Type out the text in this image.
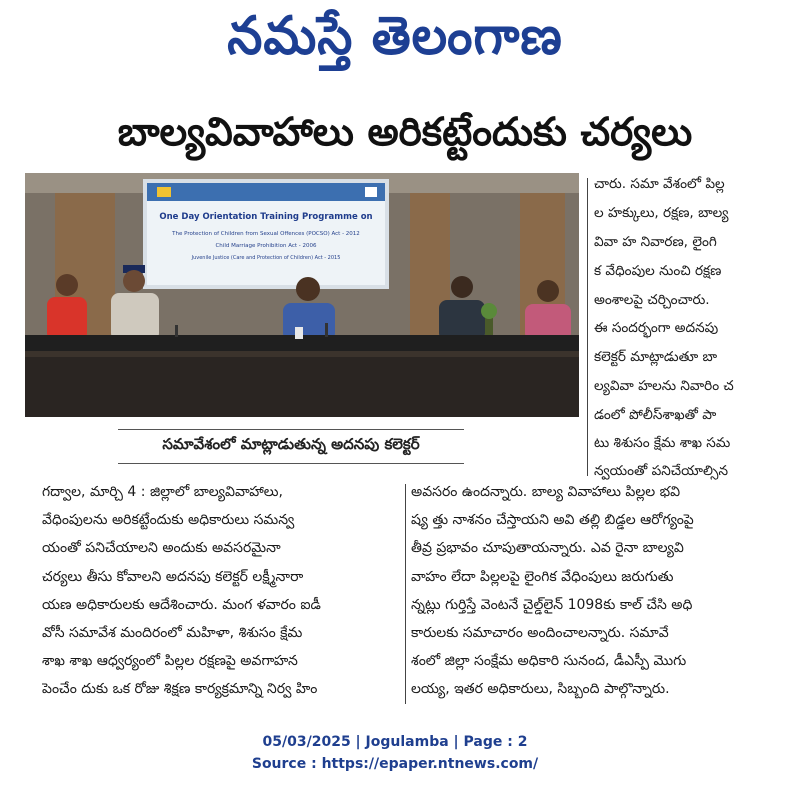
నమస్తే తెలంగాణ
బాల్యవివాహాలు అరికట్టేందుకు చర్యలు
One Day Orientation Training Programme on
The Protection of Children from Sexual Offences (POCSO) Act - 2012
Child Marriage Prohibition Act - 2006
Juvenile Justice (Care and Protection of Children) Act - 2015
సమావేశంలో మాట్లాడుతున్న అదనపు కలెక్టర్
చారు. సమా వేశంలో పిల్ల
ల హక్కులు, రక్షణ, బాల్య
వివా హ నివారణ, లైంగి
క వేధింపుల నుంచి రక్షణ
అంశాలపై చర్చించారు.
ఈ సందర్భంగా అదనపు
కలెక్టర్ మాట్లాడుతూ బా
ల్యవివా హలను నివారిం చ
డంలో పోలీస్‌శాఖతో పా
టు శిశుసం క్షేమ శాఖ సమ
న్వయంతో పనిచేయాల్సిన
గద్వాల, మార్చి 4 : జిల్లాలో బాల్యవివాహాలు,
వేధింపులను అరికట్టేందుకు అధికారులు సమన్వ
యంతో పనిచేయాలని అందుకు అవసరమైనా
చర్యలు తీసు కోవాలని అదనపు కలెక్టర్ లక్ష్మీనారా
యణ అధికారులకు ఆదేశించారు. మంగ ళవారం ఐడీ
వోసీ సమావేశ మందిరంలో మహిళా, శిశుసం క్షేమ
శాఖ శాఖ ఆధ్వర్యంలో పిల్లల రక్షణపై అవగాహన
పెంచేం దుకు ఒక రోజు శిక్షణ కార్యక్రమాన్ని నిర్వ హిం
అవసరం ఉందన్నారు. బాల్య వివాహాలు పిల్లల భవి
ష్య త్తు నాశనం చేస్తాయని అవి తల్లి బిడ్డల ఆరోగ్యంపై
తీవ్ర ప్రభావం చూపుతాయన్నారు. ఎవ రైనా బాల్యవి
వాహం లేదా పిల్లలపై లైంగిక వేధింపులు జరుగుతు
న్నట్లు గుర్తిస్తే వెంటనే చైల్డ్‌లైన్ 1098కు కాల్ చేసి అధి
కారులకు సమాచారం అందించాలన్నారు. సమావే
శంలో జిల్లా సంక్షేమ అధికారి సునంద, డీఎస్పీ మొగు
లయ్య, ఇతర అధికారులు, సిబ్బంది పాల్గొన్నారు.
05/03/2025 | Jogulamba | Page : 2
Source : https://epaper.ntnews.com/
